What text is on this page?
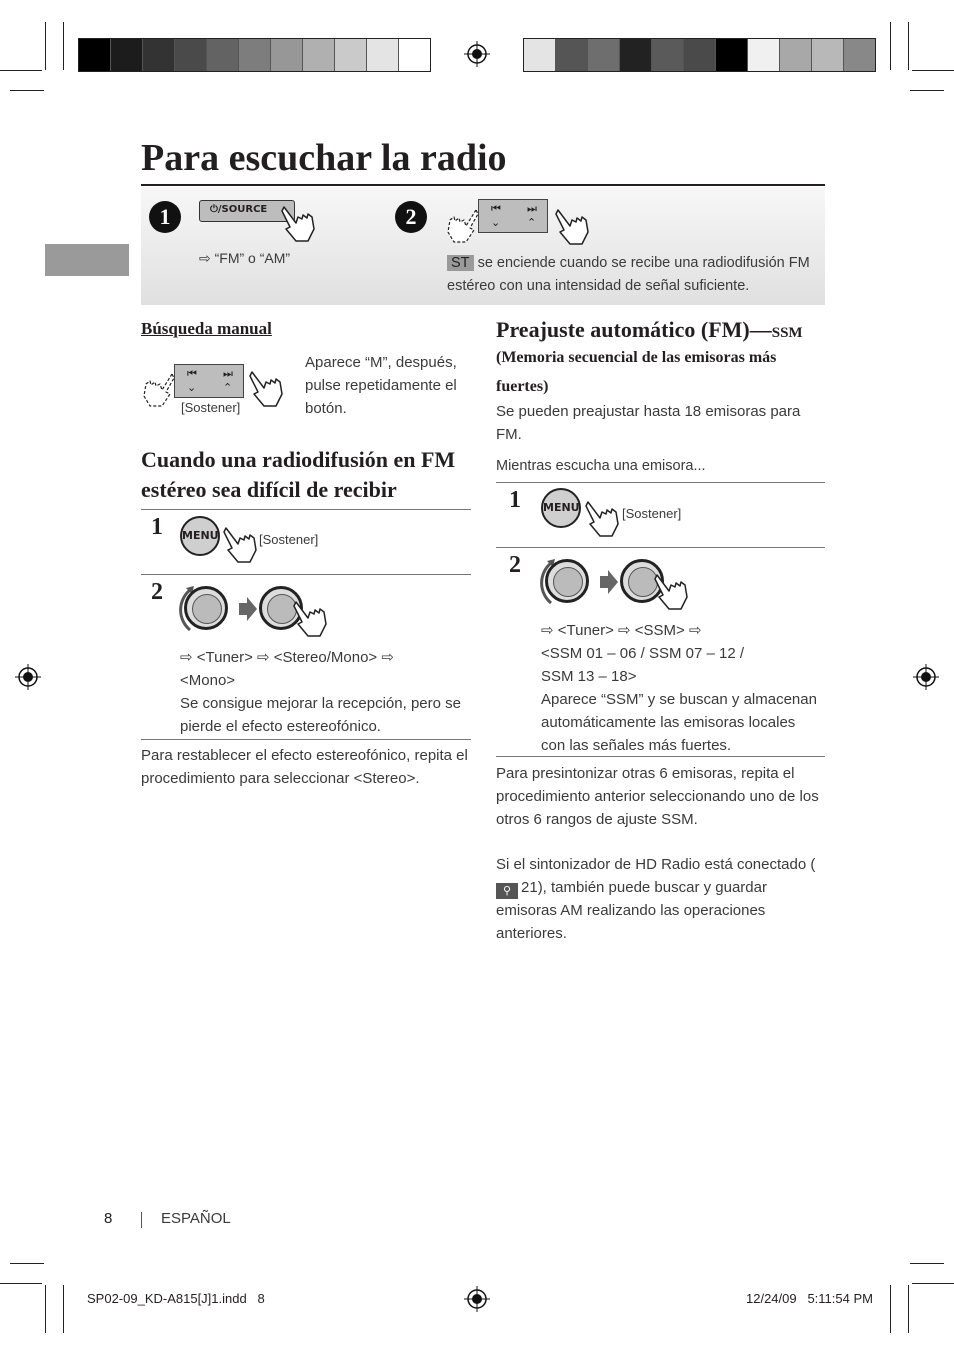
Para escuchar la radio
1	2
⏻/SOURCE
⇨ “FM” o “AM”
⏮
⌄
⏭
⌃
ST se enciende cuando se recibe una radiodifusión FM estéreo con una intensidad de señal suficiente.
Búsqueda manual
⏮
⌄
⏭
⌃
[Sostener]
Aparece “M”, después, pulse repetidamente el botón.
Cuando una radiodifusión en FM estéreo sea difícil de recibir
1 MENU	[Sostener]
2
⇨ <Tuner> ⇨ <Stereo/Mono> ⇨
<Mono>
Se consigue mejorar la recepción, pero se pierde el efecto estereofónico.
Para restablecer el efecto estereofónico, repita el procedimiento para seleccionar <Stereo>.
Preajuste automático (FM)—SSM
(Memoria secuencial de las emisoras más fuertes)
Se pueden preajustar hasta 18 emisoras para FM.
Mientras escucha una emisora...
1 MENU	[Sostener]
2
⇨ <Tuner> ⇨ <SSM> ⇨
<SSM 01 – 06 / SSM 07 – 12 /
SSM 13 – 18>
Aparece “SSM” y se buscan y almacenan automáticamente las emisoras locales con las señales más fuertes.
Para presintonizar otras 6 emisoras, repita el procedimiento anterior seleccionando uno de los otros 6 rangos de ajuste SSM.
Si el sintonizador de HD Radio está conectado (⚲ 21), también puede buscar y guardar emisoras AM realizando las operaciones anteriores.
8	ESPAÑOL
SP02-09_KD-A815[J]1.indd   8	12/24/09   5:11:54 PM
